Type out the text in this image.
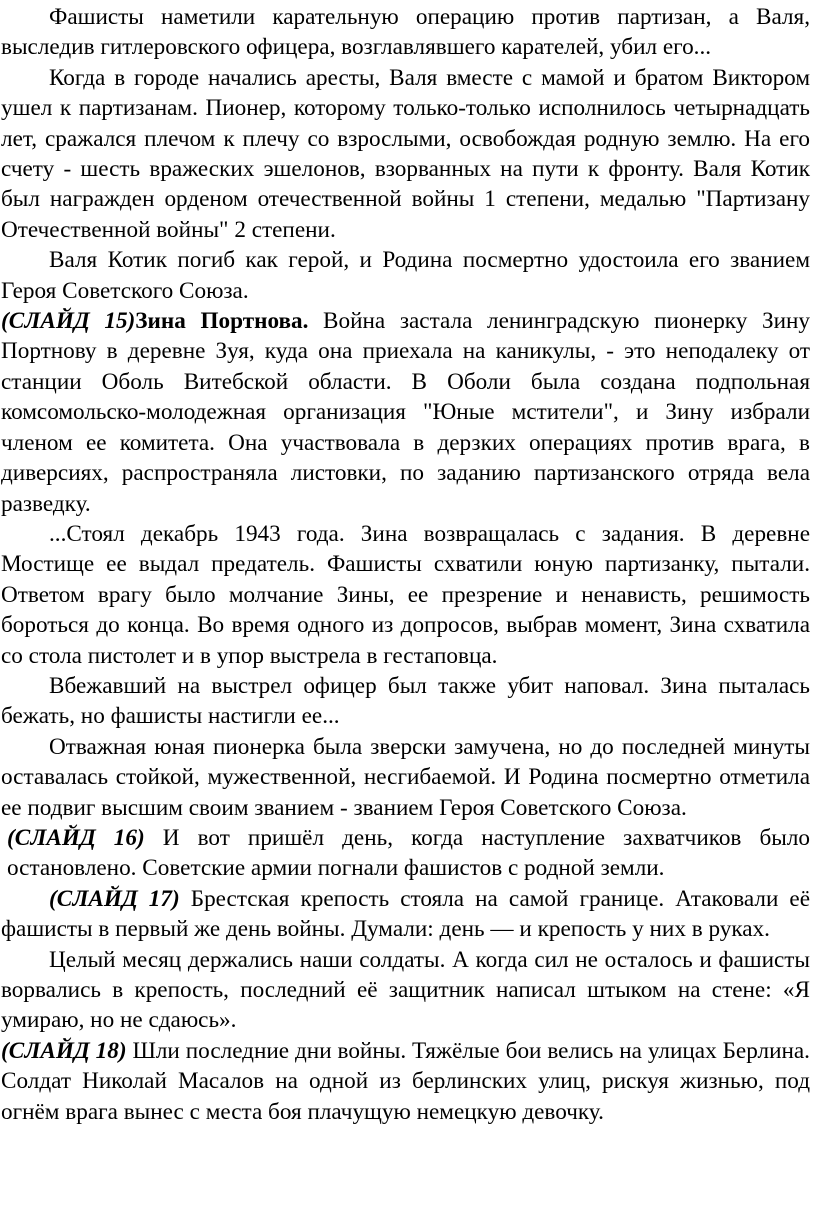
Фашисты наметили карательную операцию против партизан, а Валя, выследив гитлеровского офицера, возглавлявшего карателей, убил его...

Когда в городе начались аресты, Валя вместе с мамой и братом Виктором ушел к партизанам. Пионер, которому только-только исполнилось четырнадцать лет, сражался плечом к плечу со взрослыми, освобождая родную землю. На его счету - шесть вражеских эшелонов, взорванных на пути к фронту. Валя Котик был награжден орденом отечественной войны 1 степени, медалью "Партизану Отечественной войны" 2 степени.

Валя Котик погиб как герой, и Родина посмертно удостоила его званием Героя Советского Союза.

(СЛАЙД 15)Зина Портнова. Война застала ленинградскую пионерку Зину Портнову в деревне Зуя, куда она приехала на каникулы, - это неподалеку от станции Оболь Витебской области. В Оболи была создана подпольная комсомольско-молодежная организация "Юные мстители", и Зину избрали членом ее комитета. Она участвовала в дерзких операциях против врага, в диверсиях, распространяла листовки, по заданию партизанского отряда вела разведку.

...Стоял декабрь 1943 года. Зина возвращалась с задания. В деревне Мостище ее выдал предатель. Фашисты схватили юную партизанку, пытали. Ответом врагу было молчание Зины, ее презрение и ненависть, решимость бороться до конца. Во время одного из допросов, выбрав момент, Зина схватила со стола пистолет и в упор выстрела в гестаповца.

Вбежавший на выстрел офицер был также убит наповал. Зина пыталась бежать, но фашисты настигли ее...

Отважная юная пионерка была зверски замучена, но до последней минуты оставалась стойкой, мужественной, несгибаемой. И Родина посмертно отметила ее подвиг высшим своим званием - званием Героя Советского Союза.

(СЛАЙД 16) И вот пришёл день, когда наступление захватчиков было остановлено. Советские армии погнали фашистов с родной земли.

(СЛАЙД 17) Брестская крепость стояла на самой границе. Атаковали её фашисты в первый же день войны. Думали: день — и крепость у них в руках.

Целый месяц держались наши солдаты. А когда сил не осталось и фашисты ворвались в крепость, последний её защитник написал штыком на стене: «Я умираю, но не сдаюсь».

(СЛАЙД 18) Шли последние дни войны. Тяжёлые бои велись на улицах Берлина. Солдат Николай Масалов на одной из берлинских улиц, рискуя жизнью, под огнём врага вынес с места боя плачущую немецкую девочку.
